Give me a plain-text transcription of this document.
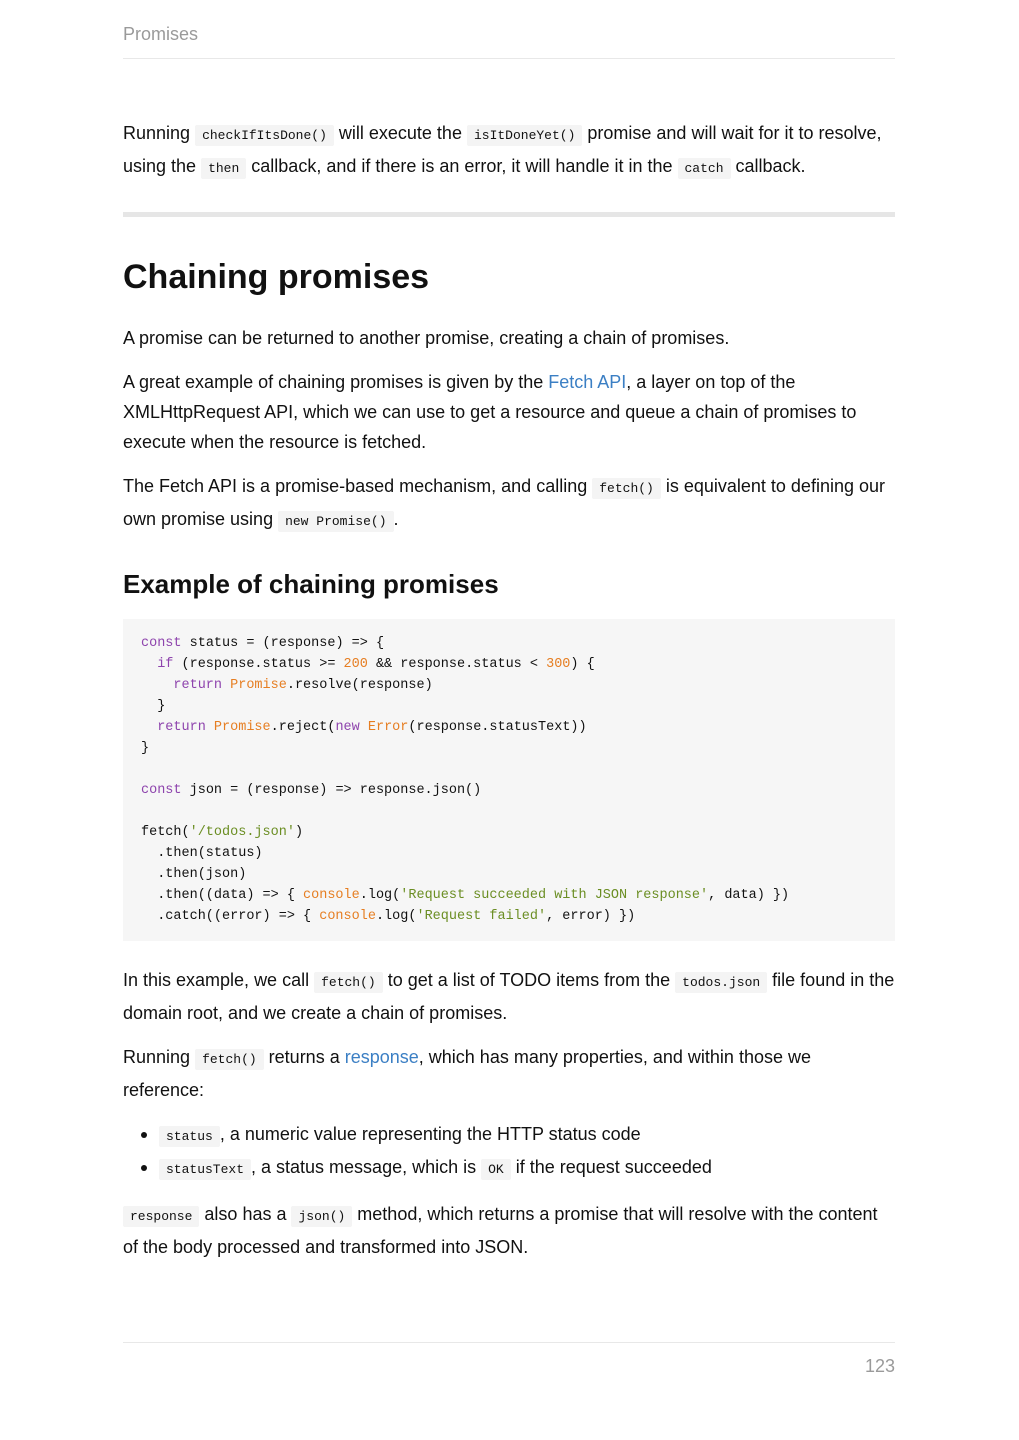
Promises

Running checkIfItsDone() will execute the isItDoneYet() promise and will wait for it to resolve, using the then callback, and if there is an error, it will handle it in the catch callback.

Chaining promises

A promise can be returned to another promise, creating a chain of promises.

A great example of chaining promises is given by the Fetch API, a layer on top of the XMLHttpRequest API, which we can use to get a resource and queue a chain of promises to execute when the resource is fetched.

The Fetch API is a promise-based mechanism, and calling fetch() is equivalent to defining our own promise using new Promise() .

Example of chaining promises
const status = (response) => {
if (response.status >= 200 && response.status < 300) {
return Promise.resolve(response)
}
return Promise.reject(new Error(response.statusText))
}
const json = (response) => response.json()
fetch('/todos.json')
.then(status)
.then(json)
.then((data) => { console.log('Request succeeded with JSON response', data) })
.catch((error) => { console.log('Request failed', error) })

In this example, we call fetch() to get a list of TODO items from the todos.json file found in the domain root, and we create a chain of promises.

Running fetch() returns a response, which has many properties, and within those we reference:

status , a numeric value representing the HTTP status code
statusText , a status message, which is OK if the request succeeded

response also has a json() method, which returns a promise that will resolve with the content of the body processed and transformed into JSON.

123
